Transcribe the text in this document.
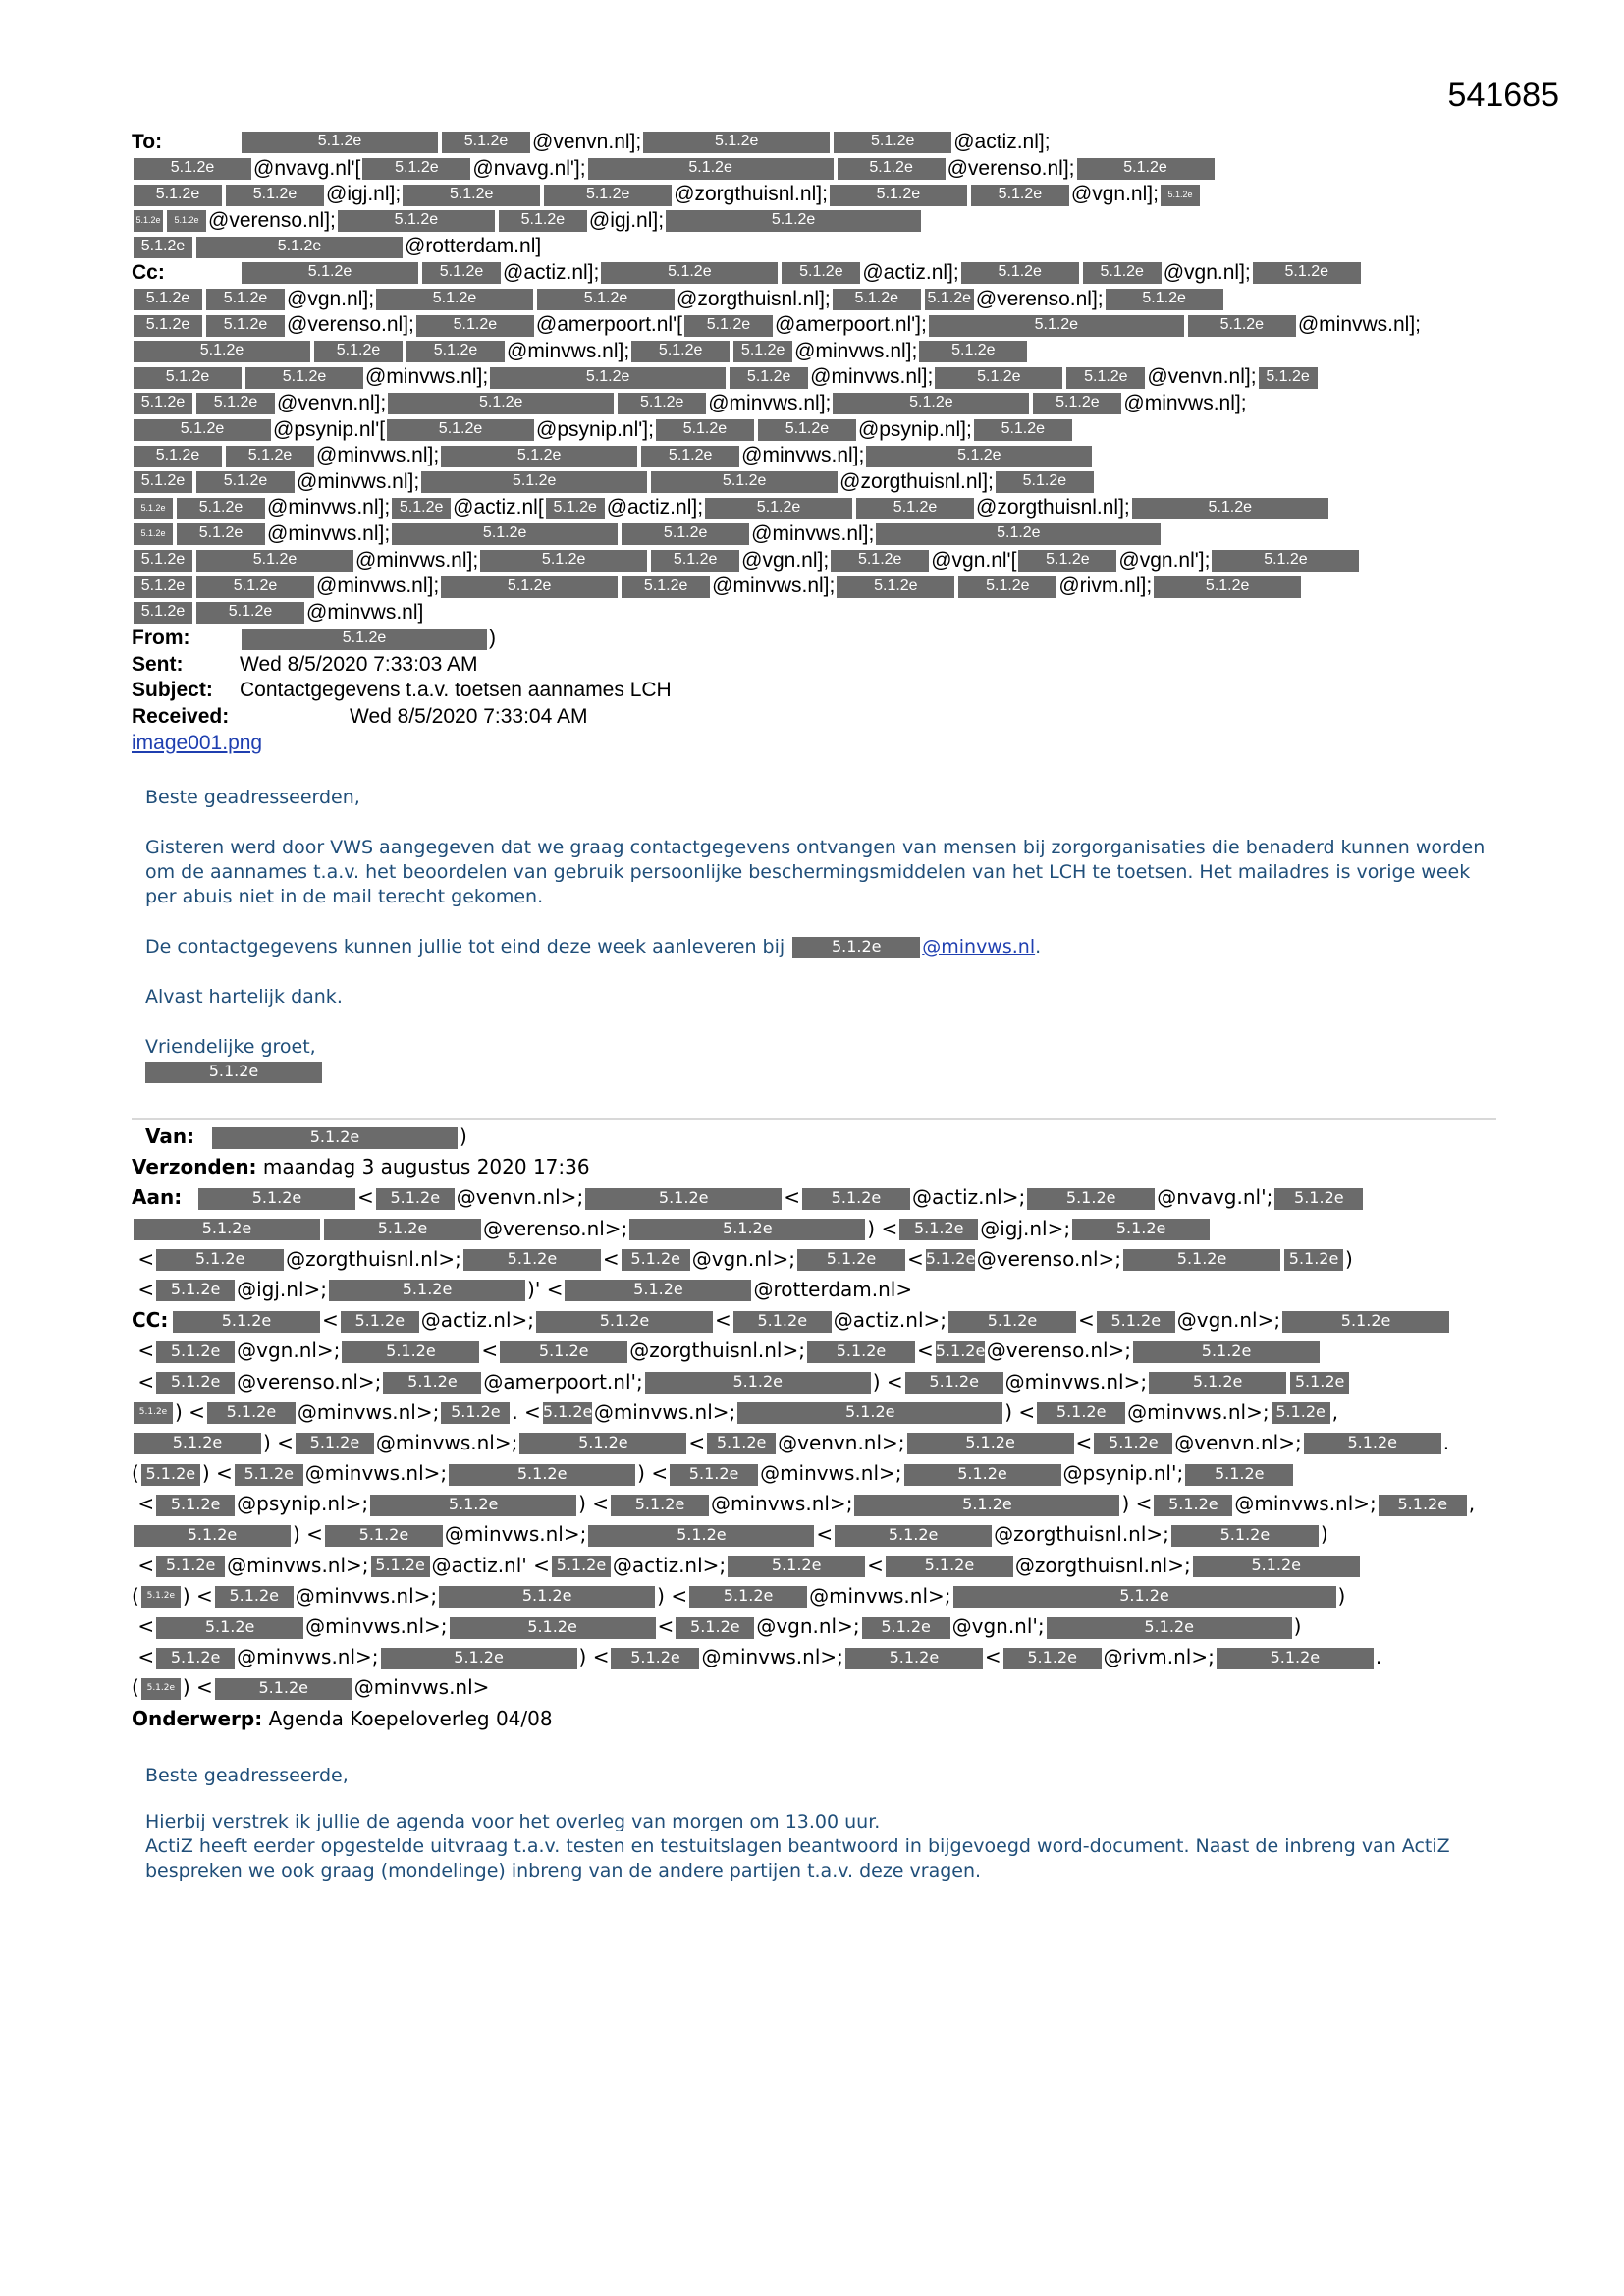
541685
To:	5.1.2e	5.1.2e @venvn.nl];	5.1.2e	5.1.2e @actiz.nl];
5.1.2e @nvavg.nl'[ 5.1.2e @nvavg.nl'];	5.1.2e	5.1.2e @verenso.nl];	5.1.2e
5.1.2e	5.1.2e @igj.nl];	5.1.2e	5.1.2e @zorgthuisnl.nl];	5.1.2e	5.1.2e @vgn.nl]; 5.1.2e
5.1.2e 5.1.2e @verenso.nl];	5.1.2e	5.1.2e @igj.nl];	5.1.2e
5.1.2e	5.1.2e	@rotterdam.nl]
Cc:	5.1.2e	5.1.2e @actiz.nl];	5.1.2e	5.1.2e @actiz.nl]; 5.1.2e	5.1.2e @vgn.nl]; 5.1.2e
5.1.2e 5.1.2e @vgn.nl];	5.1.2e	5.1.2e @zorgthuisnl.nl]; 5.1.2e 5.1.2e @verenso.nl]; 5.1.2e
5.1.2e 5.1.2e @verenso.nl]; 5.1.2e @amerpoort.nl'[ 5.1.2e @amerpoort.nl'];	5.1.2e	5.1.2e @minvws.nl];
5.1.2e	5.1.2e	5.1.2e @minvws.nl]; 5.1.2e 5.1.2e @minvws.nl]; 5.1.2e
5.1.2e	5.1.2e @minvws.nl];	5.1.2e	5.1.2e @minvws.nl];	5.1.2e	5.1.2e @venvn.nl]; 5.1.2e
5.1.2e 5.1.2e @venvn.nl];	5.1.2e	5.1.2e @minvws.nl];	5.1.2e	5.1.2e @minvws.nl];
5.1.2e @psynip.nl'[	5.1.2e	@psynip.nl']; 5.1.2e	5.1.2e @psynip.nl]; 5.1.2e
5.1.2e	5.1.2e @minvws.nl];	5.1.2e	5.1.2e @minvws.nl];	5.1.2e
5.1.2e 5.1.2e @minvws.nl];	5.1.2e	5.1.2e	@zorgthuisnl.nl]; 5.1.2e
5.1.2e 5.1.2e @minvws.nl]; 5.1.2e @actiz.nl[ 5.1.2e @actiz.nl];	5.1.2e	5.1.2e @zorgthuisnl.nl];	5.1.2e
5.1.2e 5.1.2e @minvws.nl];	5.1.2e	5.1.2e @minvws.nl];	5.1.2e
5.1.2e	5.1.2e	@minvws.nl];	5.1.2e	5.1.2e @vgn.nl]; 5.1.2e @vgn.nl'[ 5.1.2e @vgn.nl'];	5.1.2e
5.1.2e	5.1.2e @minvws.nl];	5.1.2e	5.1.2e @minvws.nl]; 5.1.2e	5.1.2e @rivm.nl];	5.1.2e
5.1.2e	5.1.2e @minvws.nl]
From:	5.1.2e	)
Sent:	Wed 8/5/2020 7:33:03 AM
Subject: Contactgegevens t.a.v. toetsen aannames LCH
Received:	Wed 8/5/2020 7:33:04 AM
image001.png

Beste geadresseerden,

Gisteren werd door VWS aangegeven dat we graag contactgegevens ontvangen van mensen bij zorgorganisaties die benaderd kunnen worden om de aannames t.a.v. het beoordelen van gebruik persoonlijke beschermingsmiddelen van het LCH te toetsen. Het mailadres is vorige week per abuis niet in de mail terecht gekomen.

De contactgegevens kunnen jullie tot eind deze week aanleveren bij	5.1.2e @minvws.nl.

Alvast hartelijk dank.

Vriendelijke groet,

5.1.2e
Van:	5.1.2e	)
Verzonden: maandag 3 augustus 2020 17:36
Aan:	5.1.2e	< 5.1.2e @venvn.nl>;	5.1.2e	< 5.1.2e @actiz.nl>;	5.1.2e @nvavg.nl'; 5.1.2e
5.1.2e	5.1.2e	@verenso.nl>;	5.1.2e	) < 5.1.2e @igj.nl>;	5.1.2e
<	5.1.2e @zorgthuisnl.nl>;	5.1.2e < 5.1.2e @vgn.nl>; 5.1.2e < 5.1.2e@verenso.nl>;	5.1.2e	5.1.2e )
< 5.1.2e @igj.nl>;	5.1.2e	)' <	5.1.2e	@rotterdam.nl>
CC:	5.1.2e	< 5.1.2e @actiz.nl>;	5.1.2e	< 5.1.2e @actiz.nl>;	5.1.2e < 5.1.2e @vgn.nl>;	5.1.2e
< 5.1.2e @vgn.nl>;	5.1.2e <	5.1.2e @zorgthuisnl.nl>; 5.1.2e < 5.1.2e@verenso.nl>;	5.1.2e
< 5.1.2e @verenso.nl>; 5.1.2e @amerpoort.nl';	5.1.2e	) < 5.1.2e @minvws.nl>;	5.1.2e	5.1.2e
5.1.2e ) < 5.1.2e @minvws.nl>; 5.1.2e . < 5.1.2e@minvws.nl>;	5.1.2e	) < 5.1.2e @minvws.nl>; 5.1.2e ,
5.1.2e ) < 5.1.2e @minvws.nl>;	5.1.2e	< 5.1.2e @venvn.nl>;	5.1.2e	< 5.1.2e @venvn.nl>;	5.1.2e .
( 5.1.2e ) < 5.1.2e @minvws.nl>;	5.1.2e	) < 5.1.2e @minvws.nl>;	5.1.2e	@psynip.nl'; 5.1.2e
< 5.1.2e @psynip.nl>;	5.1.2e	) < 5.1.2e @minvws.nl>;	5.1.2e	) < 5.1.2e @minvws.nl>; 5.1.2e ,
5.1.2e	) < 5.1.2e @minvws.nl>;	5.1.2e	<	5.1.2e	@zorgthuisnl.nl>;	5.1.2e	)
< 5.1.2e @minvws.nl>; 5.1.2e @actiz.nl' < 5.1.2e @actiz.nl>;	5.1.2e <	5.1.2e @zorgthuisnl.nl>;	5.1.2e
( 5.1.2e ) < 5.1.2e @minvws.nl>;	5.1.2e	) < 5.1.2e @minvws.nl>;	5.1.2e	)
<	5.1.2e	@minvws.nl>;	5.1.2e	< 5.1.2e @vgn.nl>; 5.1.2e @vgn.nl';	5.1.2e	)
< 5.1.2e @minvws.nl>;	5.1.2e	) < 5.1.2e @minvws.nl>;	5.1.2e < 5.1.2e @rivm.nl>;	5.1.2e	.
( 5.1.2e ) <	5.1.2e @minvws.nl>
Onderwerp: Agenda Koepeloverleg 04/08

Beste geadresseerde,

Hierbij verstrek ik jullie de agenda voor het overleg van morgen om 13.00 uur.
ActiZ heeft eerder opgestelde uitvraag t.a.v. testen en testuitslagen beantwoord in bijgevoegd word-document. Naast de inbreng van ActiZ bespreken we ook graag (mondelinge) inbreng van de andere partijen t.a.v. deze vragen.
